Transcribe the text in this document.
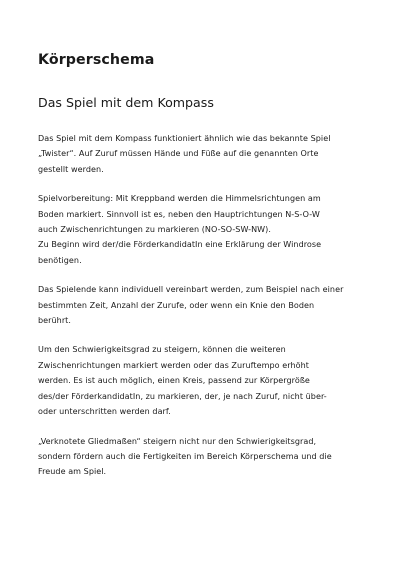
Körperschema
Das Spiel mit dem Kompass

Das Spiel mit dem Kompass funktioniert ähnlich wie das bekannte Spiel
„Twister“. Auf Zuruf müssen Hände und Füße auf die genannten Orte
gestellt werden.

Spielvorbereitung: Mit Kreppband werden die Himmelsrichtungen am
Boden markiert. Sinnvoll ist es, neben den Hauptrichtungen N-S-O-W
auch Zwischenrichtungen zu markieren (NO-SO-SW-NW).
Zu Beginn wird der/die FörderkandidatIn eine Erklärung der Windrose
benötigen.

Das Spielende kann individuell vereinbart werden, zum Beispiel nach einer
bestimmten Zeit, Anzahl der Zurufe, oder wenn ein Knie den Boden
berührt.

Um den Schwierigkeitsgrad zu steigern, können die weiteren
Zwischenrichtungen markiert werden oder das Zuruftempo erhöht
werden. Es ist auch möglich, einen Kreis, passend zur Körpergröße
des/der FörderkandidatIn, zu markieren, der, je nach Zuruf, nicht über-
oder unterschritten werden darf.

„Verknotete Gliedmaßen“ steigern nicht nur den Schwierigkeitsgrad,
sondern fördern auch die Fertigkeiten im Bereich Körperschema und die
Freude am Spiel.
